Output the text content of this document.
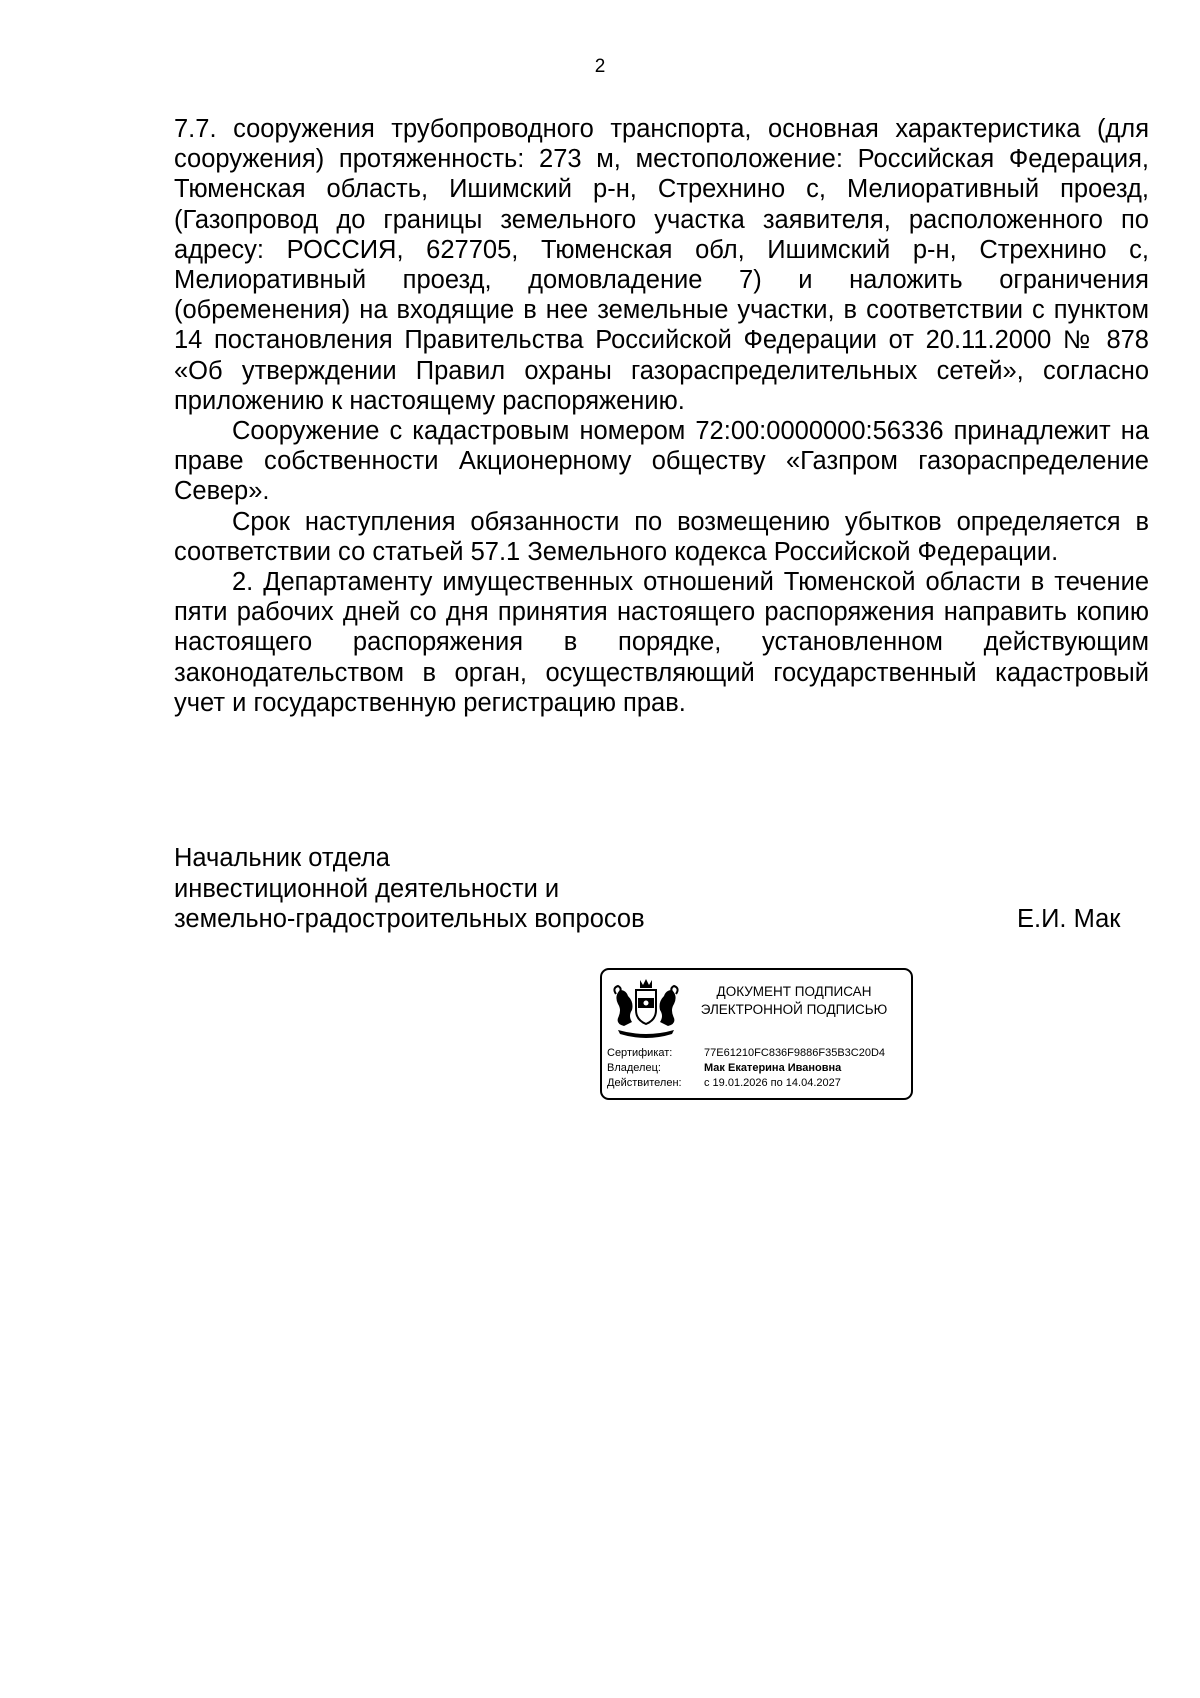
2

7.7. сооружения трубопроводного транспорта, основная характеристика (для сооружения) протяженность: 273 м, местоположение: Российская Федерация, Тюменская область, Ишимский р-н, Стрехнино с, Мелиоративный проезд, (Газопровод до границы земельного участка заявителя, расположенного по адресу: РОССИЯ, 627705, Тюменская обл, Ишимский р-н, Стрехнино с, Мелиоративный проезд, домовладение 7) и наложить ограничения (обременения) на входящие в нее земельные участки, в соответствии с пунктом 14 постановления Правительства Российской Федерации от 20.11.2000 № 878 «Об утверждении Правил охраны газораспределительных сетей», согласно приложению к настоящему распоряжению.

Сооружение с кадастровым номером 72:00:0000000:56336 принадлежит на праве собственности Акционерному обществу «Газпром газораспределение Север».

Срок наступления обязанности по возмещению убытков определяется в соответствии со статьей 57.1 Земельного кодекса Российской Федерации.

2. Департаменту имущественных отношений Тюменской области в течение пяти рабочих дней со дня принятия настоящего распоряжения направить копию настоящего распоряжения в порядке, установленном действующим законодательством в орган, осуществляющий государственный кадастровый учет и государственную регистрацию прав.

Начальник отдела
инвестиционной деятельности и
земельно-градостроительных вопросов	Е.И. Мак
ДОКУМЕНТ ПОДПИСАН
ЭЛЕКТРОННОЙ ПОДПИСЬЮ
Сертификат:	77E61210FC836F9886F35B3C20D4
Владелец:	Мак Екатерина Ивановна
Действителен: с 19.01.2026 по 14.04.2027
